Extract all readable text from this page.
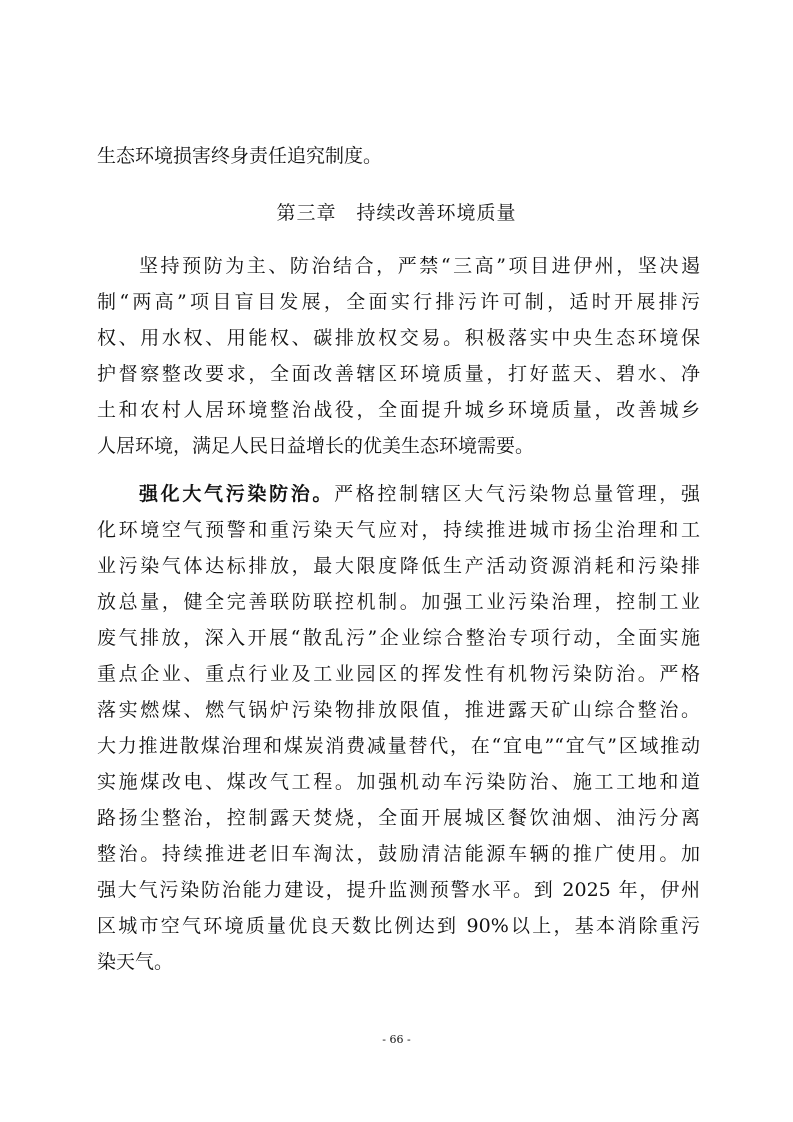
生态环境损害终身责任追究制度。
第三章 持续改善环境质量
坚持预防为主、防治结合，严禁“三高”项目进伊州，坚决遏
制“两高”项目盲目发展，全面实行排污许可制，适时开展排污
权、用水权、用能权、碳排放权交易。积极落实中央生态环境保
护督察整改要求，全面改善辖区环境质量，打好蓝天、碧水、净
土和农村人居环境整治战役，全面提升城乡环境质量，改善城乡
人居环境，满足人民日益增长的优美生态环境需要。
强化大气污染防治。严格控制辖区大气污染物总量管理，强
化环境空气预警和重污染天气应对，持续推进城市扬尘治理和工
业污染气体达标排放，最大限度降低生产活动资源消耗和污染排
放总量，健全完善联防联控机制。加强工业污染治理，控制工业
废气排放，深入开展“散乱污”企业综合整治专项行动，全面实施
重点企业、重点行业及工业园区的挥发性有机物污染防治。严格
落实燃煤、燃气锅炉污染物排放限值，推进露天矿山综合整治。
大力推进散煤治理和煤炭消费减量替代，在“宜电”“宜气”区域推动
实施煤改电、煤改气工程。加强机动车污染防治、施工工地和道
路扬尘整治，控制露天焚烧，全面开展城区餐饮油烟、油污分离
整治。持续推进老旧车淘汰，鼓励清洁能源车辆的推广使用。加
强大气污染防治能力建设，提升监测预警水平。到 2025 年，伊州
区城市空气环境质量优良天数比例达到 90%以上，基本消除重污
染天气。
- 66 -
